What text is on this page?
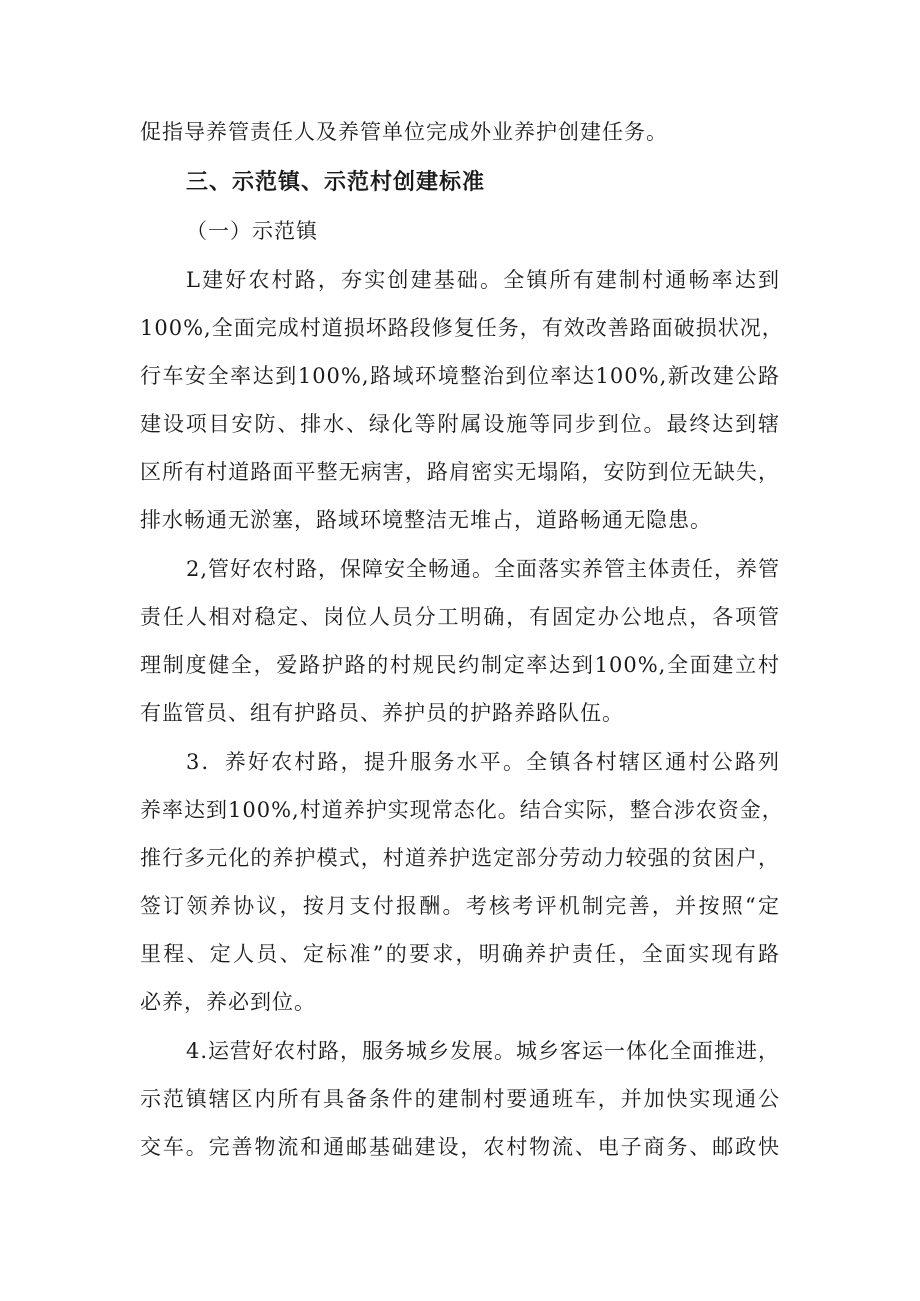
促指导养管责任人及养管单位完成外业养护创建任务。
三、示范镇、示范村创建标准
（一）示范镇
L建好农村路，夯实创建基础。全镇所有建制村通畅率达到
100%,全面完成村道损坏路段修复任务，有效改善路面破损状况，
行车安全率达到100%,路域环境整治到位率达100%,新改建公路
建设项目安防、排水、绿化等附属设施等同步到位。最终达到辖
区所有村道路面平整无病害，路肩密实无塌陷，安防到位无缺失，
排水畅通无淤塞，路域环境整洁无堆占，道路畅通无隐患。
2,管好农村路，保障安全畅通。全面落实养管主体责任，养管
责任人相对稳定、岗位人员分工明确，有固定办公地点，各项管
理制度健全，爱路护路的村规民约制定率达到100%,全面建立村
有监管员、组有护路员、养护员的护路养路队伍。
3．养好农村路，提升服务水平。全镇各村辖区通村公路列
养率达到100%,村道养护实现常态化。结合实际，整合涉农资金，
推行多元化的养护模式，村道养护选定部分劳动力较强的贫困户，
签订领养协议，按月支付报酬。考核考评机制完善，并按照“定
里程、定人员、定标准”的要求，明确养护责任，全面实现有路
必养，养必到位。
4.运营好农村路，服务城乡发展。城乡客运一体化全面推进，
示范镇辖区内所有具备条件的建制村要通班车，并加快实现通公
交车。完善物流和通邮基础建设，农村物流、电子商务、邮政快
